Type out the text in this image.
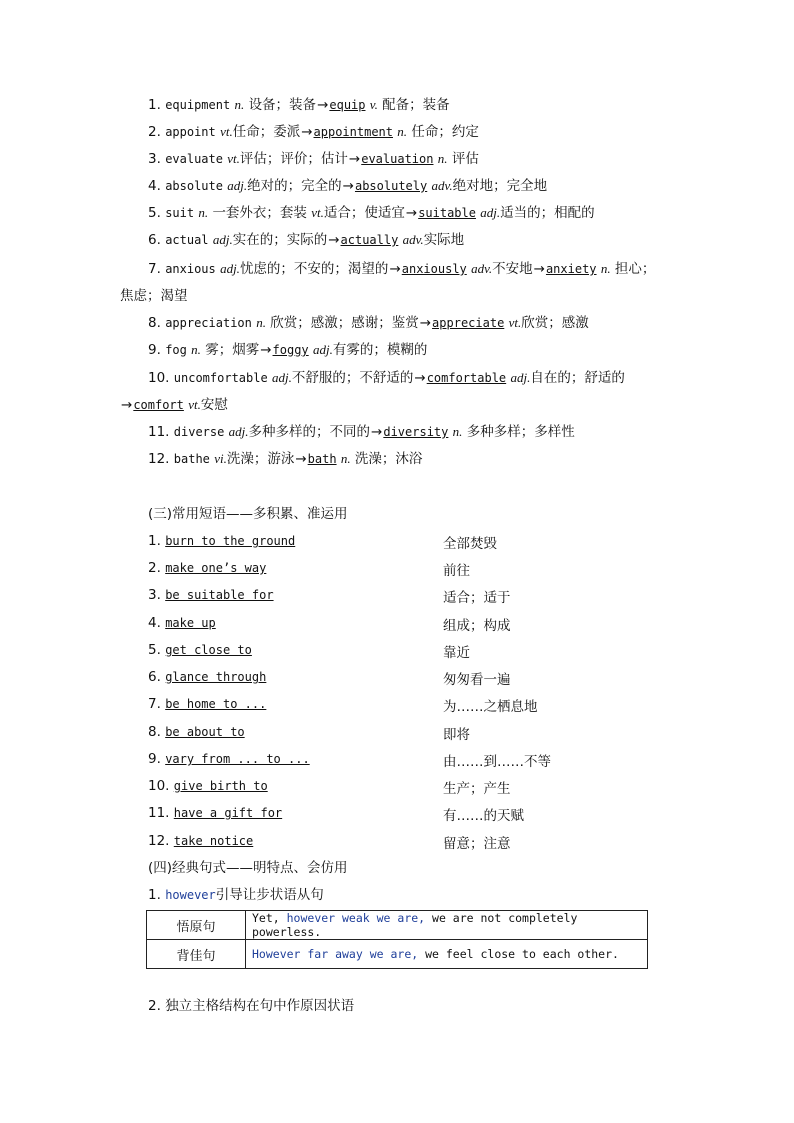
1. equipment n. 设备；装备→equip v. 配备；装备
2. appoint vt.任命；委派→appointment n. 任命；约定
3. evaluate vt.评估；评价；估计→evaluation n. 评估
4. absolute adj.绝对的；完全的→absolutely adv.绝对地；完全地
5. suit n. 一套外衣；套装 vt.适合；使适宜→suitable adj.适当的；相配的
6. actual adj.实在的；实际的→actually adv.实际地
7. anxious adj.忧虑的；不安的；渴望的→anxiously adv.不安地→anxiety n. 担心；
焦虑；渴望
8. appreciation n. 欣赏；感激；感谢；鉴赏→appreciate vt.欣赏；感激
9. fog n. 雾；烟雾→foggy adj.有雾的；模糊的
10. uncomfortable adj.不舒服的；不舒适的→comfortable adj.自在的；舒适的
→comfort vt.安慰
11. diverse adj.多种多样的；不同的→diversity n. 多种多样；多样性
12. bathe vi.洗澡；游泳→bath n. 洗澡；沐浴
(三)常用短语——多积累、准运用
1. burn to the ground	全部焚毁
2. make one’s way	前往
3. be suitable for	适合；适于
4. make up	组成；构成
5. get close to	靠近
6. glance through	匆匆看一遍
7. be home to ...	为……之栖息地
8. be about to	即将
9. vary from ... to ...	由……到……不等
10. give birth to	生产；产生
11. have a gift for	有……的天赋
12. take notice	留意；注意
(四)经典句式——明特点、会仿用
1. however引导让步状语从句
悟原句	Yet, however weak we are, we are not completely powerless.
背佳句	However far away we are, we feel close to each other.
2. 独立主格结构在句中作原因状语
